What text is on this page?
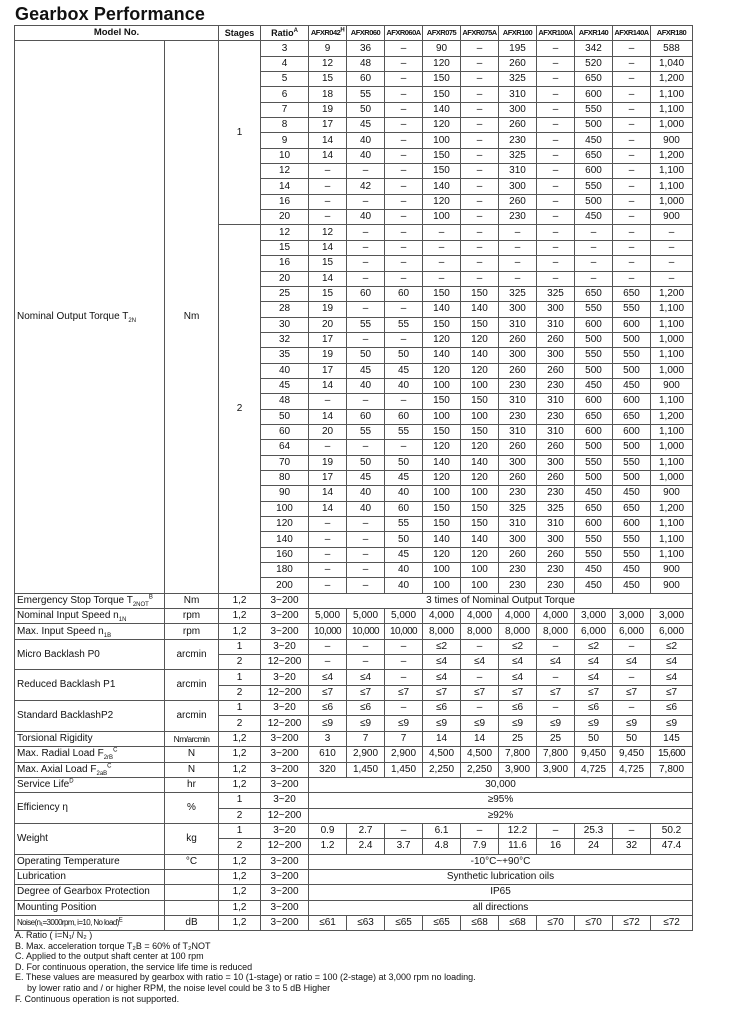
Gearbox Performance
Model No.		Stages	Ratio$^A$	$AFXR042^H$	AFXR060	AFXR060A	AFXR075	AFXR075A	AFXR100	AFXR100A	AFXR140	AFXR140A	AFXR180
Nominal Output Torque $T_{2N}$	Nm	1	3	9	36	–	90	–	195	–	342	–	588
			4	12	48	–	120	–	260	–	520	–	1,040
			5	15	60	–	150	–	325	–	650	–	1,200
			6	18	55	–	150	–	310	–	600	–	1,100
			7	19	50	–	140	–	300	–	550	–	1,100
			8	17	45	–	120	–	260	–	500	–	1,000
			9	14	40	–	100	–	230	–	450	–	900
			10	14	40	–	150	–	325	–	650	–	1,200
			12	–	–	–	150	–	310	–	600	–	1,100
			14	–	42	–	140	–	300	–	550	–	1,100
			16	–	–	–	120	–	260	–	500	–	1,000
			20	–	40	–	100	–	230	–	450	–	900
		2	12	12	–	–	–	–	–	–	–	–	–
			15	14	–	–	–	–	–	–	–	–	–
			16	15	–	–	–	–	–	–	–	–	–
			20	14	–	–	–	–	–	–	–	–	–
			25	15	60	60	150	150	325	325	650	650	1,200
			28	19	–	–	140	140	300	300	550	550	1,100
			30	20	55	55	150	150	310	310	600	600	1,100
			32	17	–	–	120	120	260	260	500	500	1,000
			35	19	50	50	140	140	300	300	550	550	1,100
			40	17	45	45	120	120	260	260	500	500	1,000
			45	14	40	40	100	100	230	230	450	450	900
			48	–	–	–	150	150	310	310	600	600	1,100
			50	14	60	60	100	100	230	230	650	650	1,200
			60	20	55	55	150	150	310	310	600	600	1,100
			64	–	–	–	120	120	260	260	500	500	1,000
			70	19	50	50	140	140	300	300	550	550	1,100
			80	17	45	45	120	120	260	260	500	500	1,000
			90	14	40	40	100	100	230	230	450	450	900
			100	14	40	60	150	150	325	325	650	650	1,200
			120	–	–	55	150	150	310	310	600	600	1,100
			140	–	–	50	140	140	300	300	550	550	1,100
			160	–	–	45	120	120	260	260	550	550	1,100
			180	–	–	40	100	100	230	230	450	450	900
			200	–	–	40	100	100	230	230	450	450	900
Emergency Stop Torque $T_{2NOT}^B$	Nm	1,2	3~200	3 times of Nominal Output Torque									
Nominal Input Speed $n_{1N}$	rpm	1,2	3~200	5,000	5,000	5,000	4,000	4,000	4,000	4,000	3,000	3,000	3,000
Max. Input Speed $n_{1B}$	rpm	1,2	3~200	10,000	10,000	10,000	8,000	8,000	8,000	8,000	6,000	6,000	6,000
Micro Backlash P0	arcmin	1	3~20	–	–	–	≤2	–	≤2	–	≤2	–	≤2
		2	12~200	–	–	–	≤4	≤4	≤4	≤4	≤4	≤4	≤4
Reduced Backlash P1	arcmin	1	3~20	≤4	≤4	–	≤4	–	≤4	–	≤4	–	≤4
		2	12~200	≤7	≤7	≤7	≤7	≤7	≤7	≤7	≤7	≤7	≤7
Standard BacklashP2	arcmin	1	3~20	≤6	≤6	–	≤6	–	≤6	–	≤6	–	≤6
		2	12~200	≤9	≤9	≤9	≤9	≤9	≤9	≤9	≤9	≤9	≤9
Torsional Rigidity	Nm/arcmin	1,2	3~200	3	7	7	14	14	25	25	50	50	145
Max. Radial Load $F_{2rB}^C$	N	1,2	3~200	610	2,900	2,900	4,500	4,500	7,800	7,800	9,450	9,450	15,600
Max. Axial Load $F_{2aB}^C$	N	1,2	3~200	320	1,450	1,450	2,250	2,250	3,900	3,900	4,725	4,725	7,800
Service Life$^D$	hr	1,2	3~200	30,000									
Efficiency η	%	1	3~20	≥95%									
		2	12~200	≥92%									
Weight	kg	1	3~20	0.9	2.7	–	6.1	–	12.2	–	25.3	–	50.2
		2	12~200	1.2	2.4	3.7	4.8	7.9	11.6	16	24	32	47.4
Operating Temperature	°C	1,2	3~200	-10°C~+90°C									
Lubrication		1,2	3~200	Synthetic lubrication oils									
Degree of Gearbox Protection		1,2	3~200	IP65									
Mounting Position		1,2	3~200	all directions									
Noise(n₁=3000rpm, i=10, No load)$^E$	dB	1,2	3~200	≤61	≤63	≤65	≤65	≤68	≤68	≤70	≤70	≤72	≤72
A. Ratio ( i=N₁/ N₂ )
B. Max. acceleration torque T₂B = 60% of T₂NOT
C. Applied to the output shaft center at 100 rpm
D. For continuous operation, the service life time is reduced
E. These values are measured by gearbox with ratio = 10 (1-stage) or ratio = 100 (2-stage) at 3,000 rpm no loading.
by lower ratio and / or higher RPM, the noise level could be 3 to 5 dB Higher
F. Continuous operation is not supported.
